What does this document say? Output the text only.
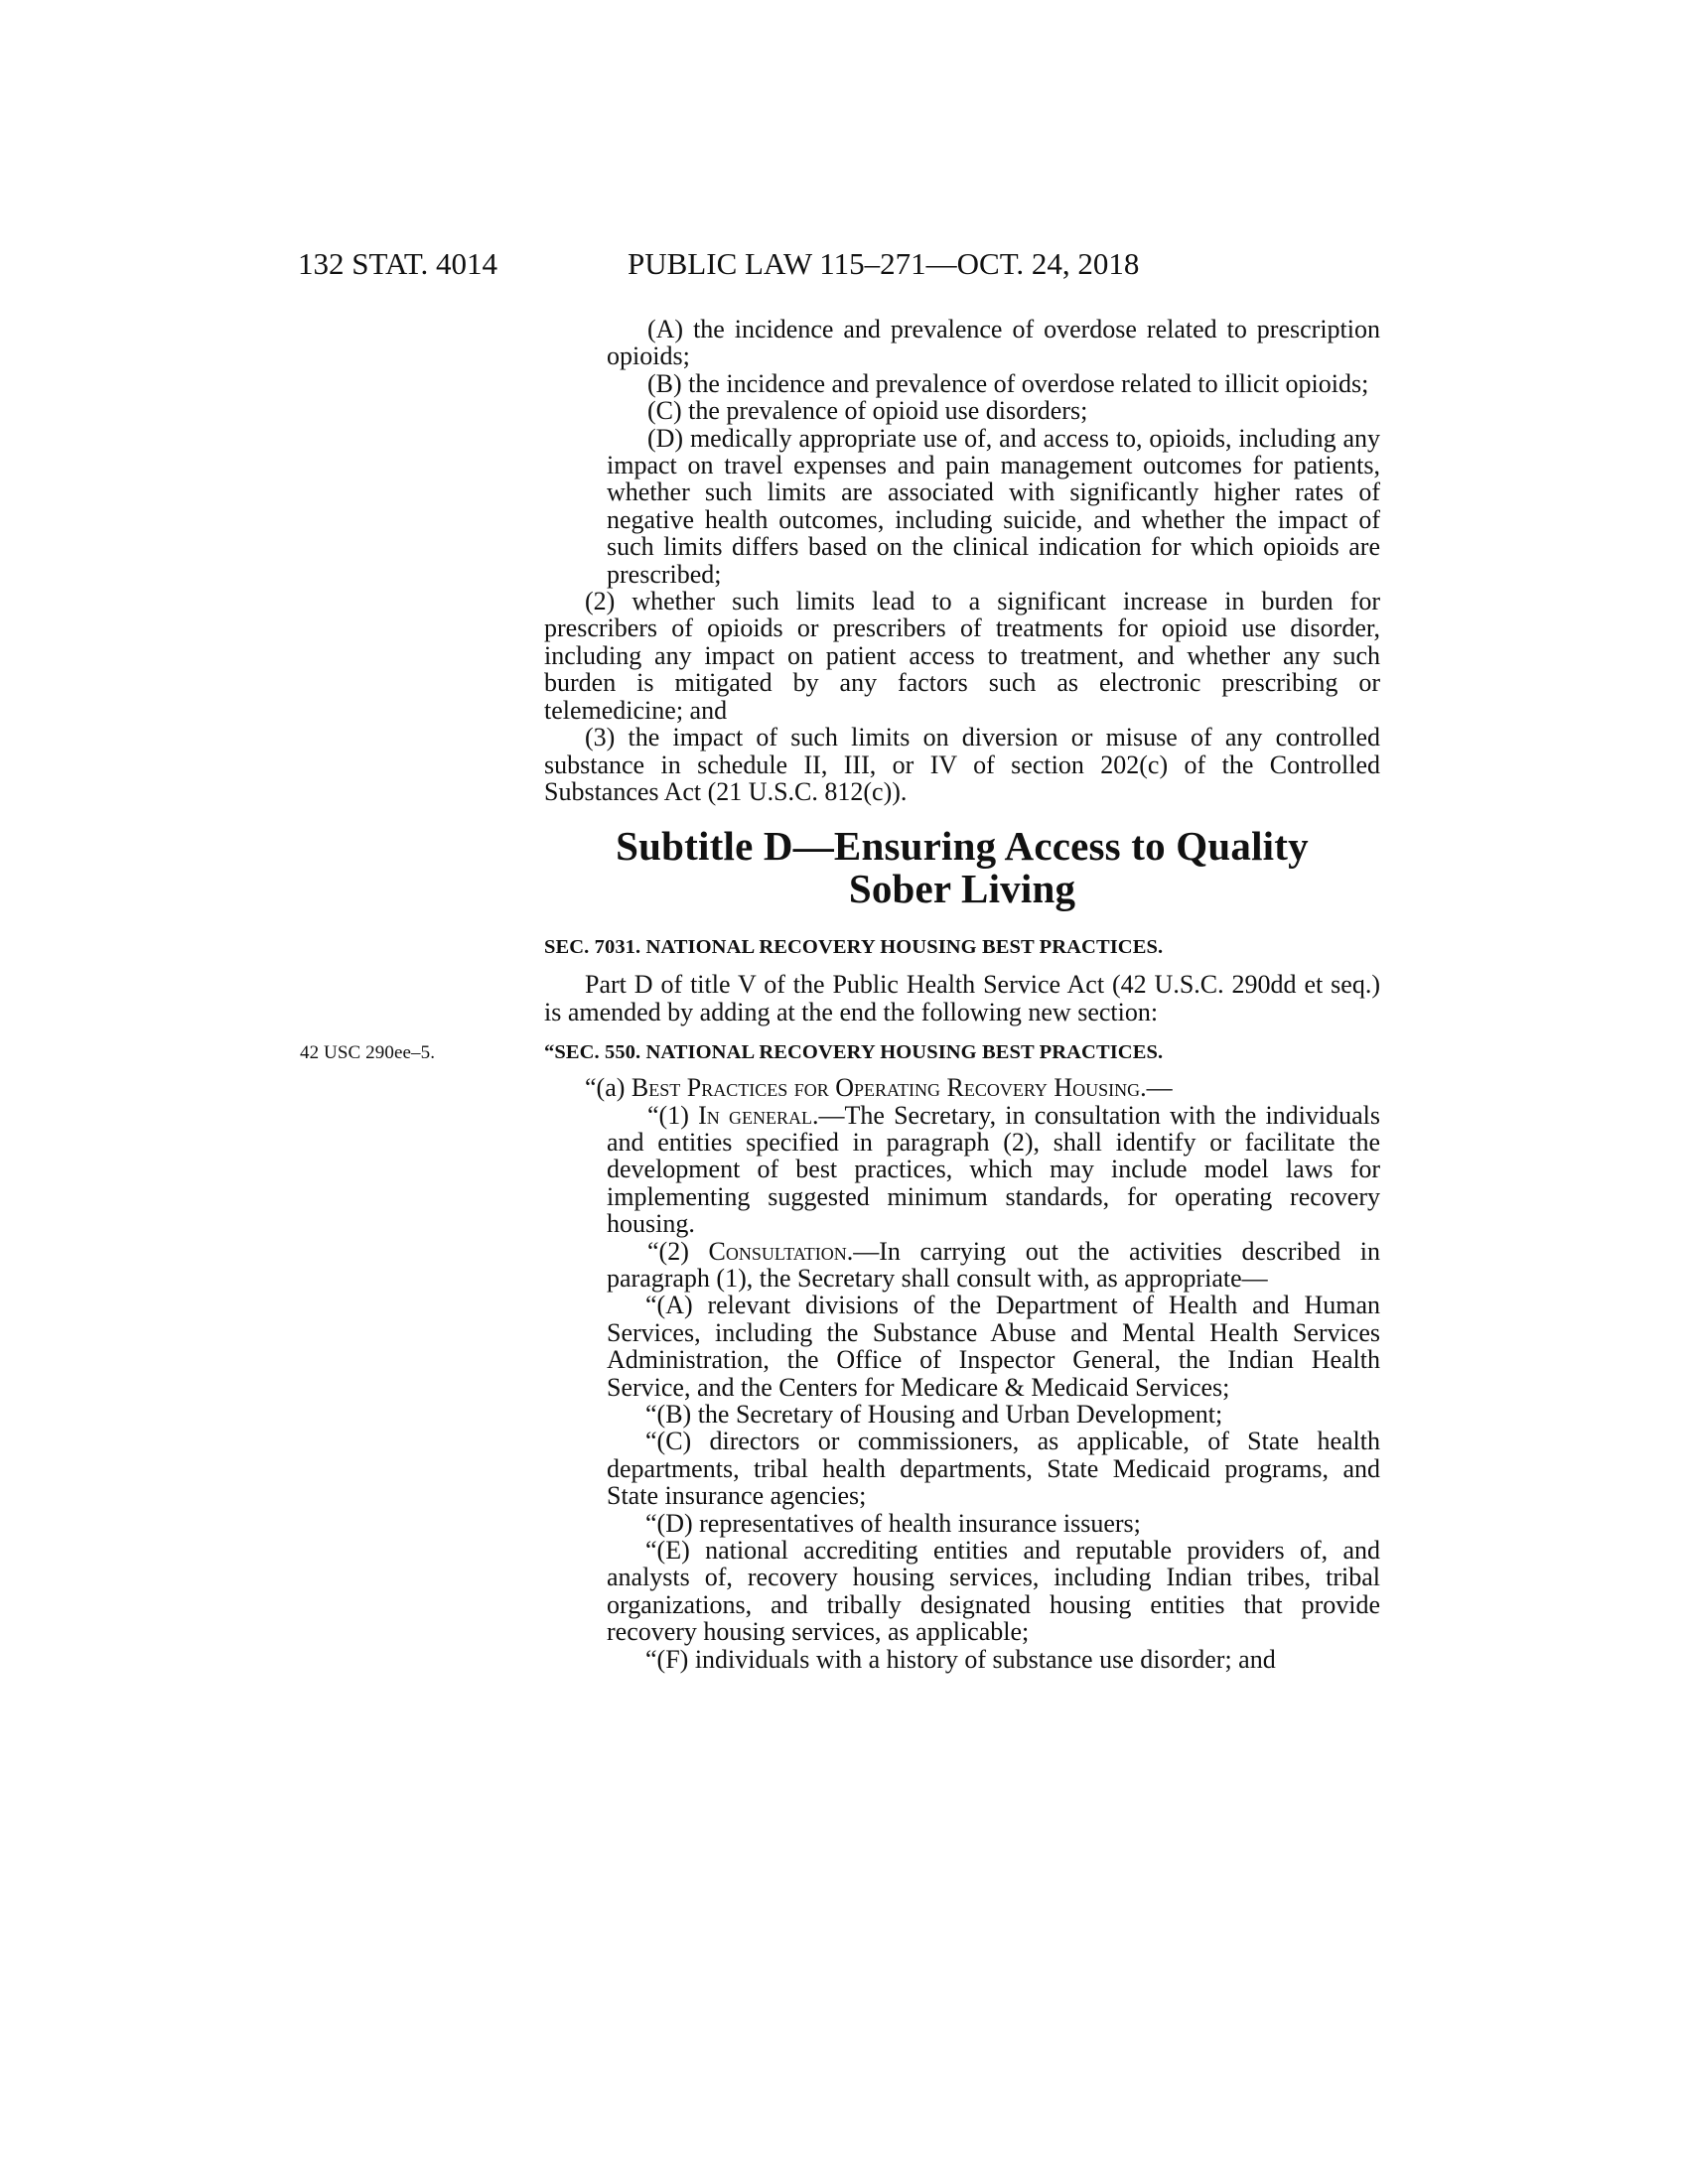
132 STAT. 4014	PUBLIC LAW 115–271—OCT. 24, 2018

(A) the incidence and prevalence of overdose related to prescription opioids;

(B) the incidence and prevalence of overdose related to illicit opioids;

(C) the prevalence of opioid use disorders;

(D) medically appropriate use of, and access to, opioids, including any impact on travel expenses and pain management outcomes for patients, whether such limits are associated with significantly higher rates of negative health outcomes, including suicide, and whether the impact of such limits differs based on the clinical indication for which opioids are prescribed;

(2) whether such limits lead to a significant increase in burden for prescribers of opioids or prescribers of treatments for opioid use disorder, including any impact on patient access to treatment, and whether any such burden is mitigated by any factors such as electronic prescribing or telemedicine; and

(3) the impact of such limits on diversion or misuse of any controlled substance in schedule II, III, or IV of section 202(c) of the Controlled Substances Act (21 U.S.C. 812(c)).

Subtitle D—Ensuring Access to Quality
Sober Living
SEC. 7031. NATIONAL RECOVERY HOUSING BEST PRACTICES.

Part D of title V of the Public Health Service Act (42 U.S.C. 290dd et seq.) is amended by adding at the end the following new section:

42 USC 290ee–5.	“SEC. 550. NATIONAL RECOVERY HOUSING BEST PRACTICES.

“(a) Best Practices for Operating Recovery Housing.—

“(1) In general.—The Secretary, in consultation with the individuals and entities specified in paragraph (2), shall identify or facilitate the development of best practices, which may include model laws for implementing suggested minimum standards, for operating recovery housing.

“(2) Consultation.—In carrying out the activities described in paragraph (1), the Secretary shall consult with, as appropriate—

“(A) relevant divisions of the Department of Health and Human Services, including the Substance Abuse and Mental Health Services Administration, the Office of Inspector General, the Indian Health Service, and the Centers for Medicare & Medicaid Services;

“(B) the Secretary of Housing and Urban Development;

“(C) directors or commissioners, as applicable, of State health departments, tribal health departments, State Medicaid programs, and State insurance agencies;

“(D) representatives of health insurance issuers;

“(E) national accrediting entities and reputable providers of, and analysts of, recovery housing services, including Indian tribes, tribal organizations, and tribally designated housing entities that provide recovery housing services, as applicable;

“(F) individuals with a history of substance use disorder; and
